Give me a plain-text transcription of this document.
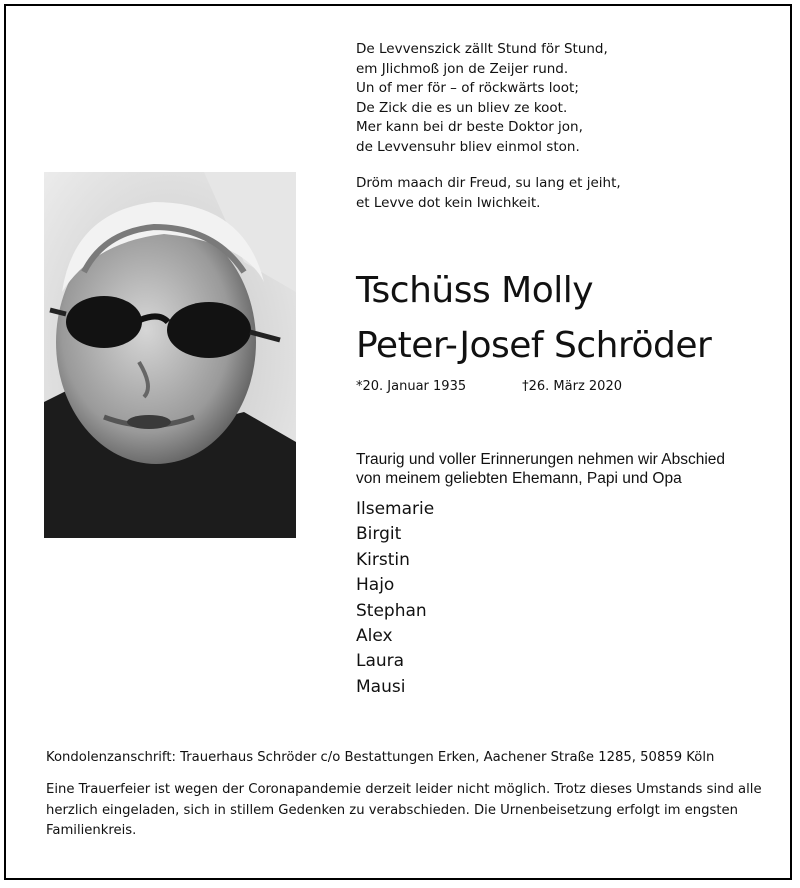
De Levvenszick zällt Stund för Stund,
em Jlichmoß jon de Zeijer rund.
Un of mer för – of röckwärts loot;
De Zick die es un bliev ze koot.
Mer kann bei dr beste Doktor jon,
de Levvensuhr bliev einmol ston.
Dröm maach dir Freud, su lang et jeiht,
et Levve dot kein Iwichkeit.
Tschüss Molly
Peter-Josef Schröder
*20. Januar 1935	†26. März 2020
Traurig und voller Erinnerungen nehmen wir Abschied
von meinem geliebten Ehemann, Papi und Opa
Ilsemarie
Birgit
Kirstin
Hajo
Stephan
Alex
Laura
Mausi
Kondolenzanschrift: Trauerhaus Schröder c/o Bestattungen Erken, Aachener Straße 1285, 50859 Köln
Eine Trauerfeier ist wegen der Coronapandemie derzeit leider nicht möglich. Trotz dieses Umstands sind alle herzlich eingeladen, sich in stillem Gedenken zu verabschieden. Die Urnenbeisetzung erfolgt im engsten Familienkreis.
